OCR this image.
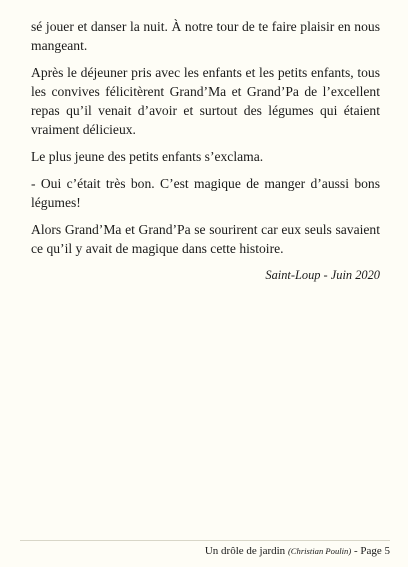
sé jouer et danser la nuit. À notre tour de te faire plaisir en nous mangeant.

Après le déjeuner pris avec les enfants et les petits enfants, tous les convives félicitèrent Grand’Ma et Grand’Pa de l’excellent repas qu’il venait d’avoir et surtout des légumes qui étaient vraiment délicieux.

Le plus jeune des petits enfants s’exclama.

- Oui c’était très bon. C’est magique de manger d’aussi bons légumes!

Alors Grand’Ma et Grand’Pa se sourirent car eux seuls savaient ce qu’il y avait de magique dans cette histoire.

Saint-Loup - Juin 2020

Un drôle de jardin (Christian Poulin) - Page 5
